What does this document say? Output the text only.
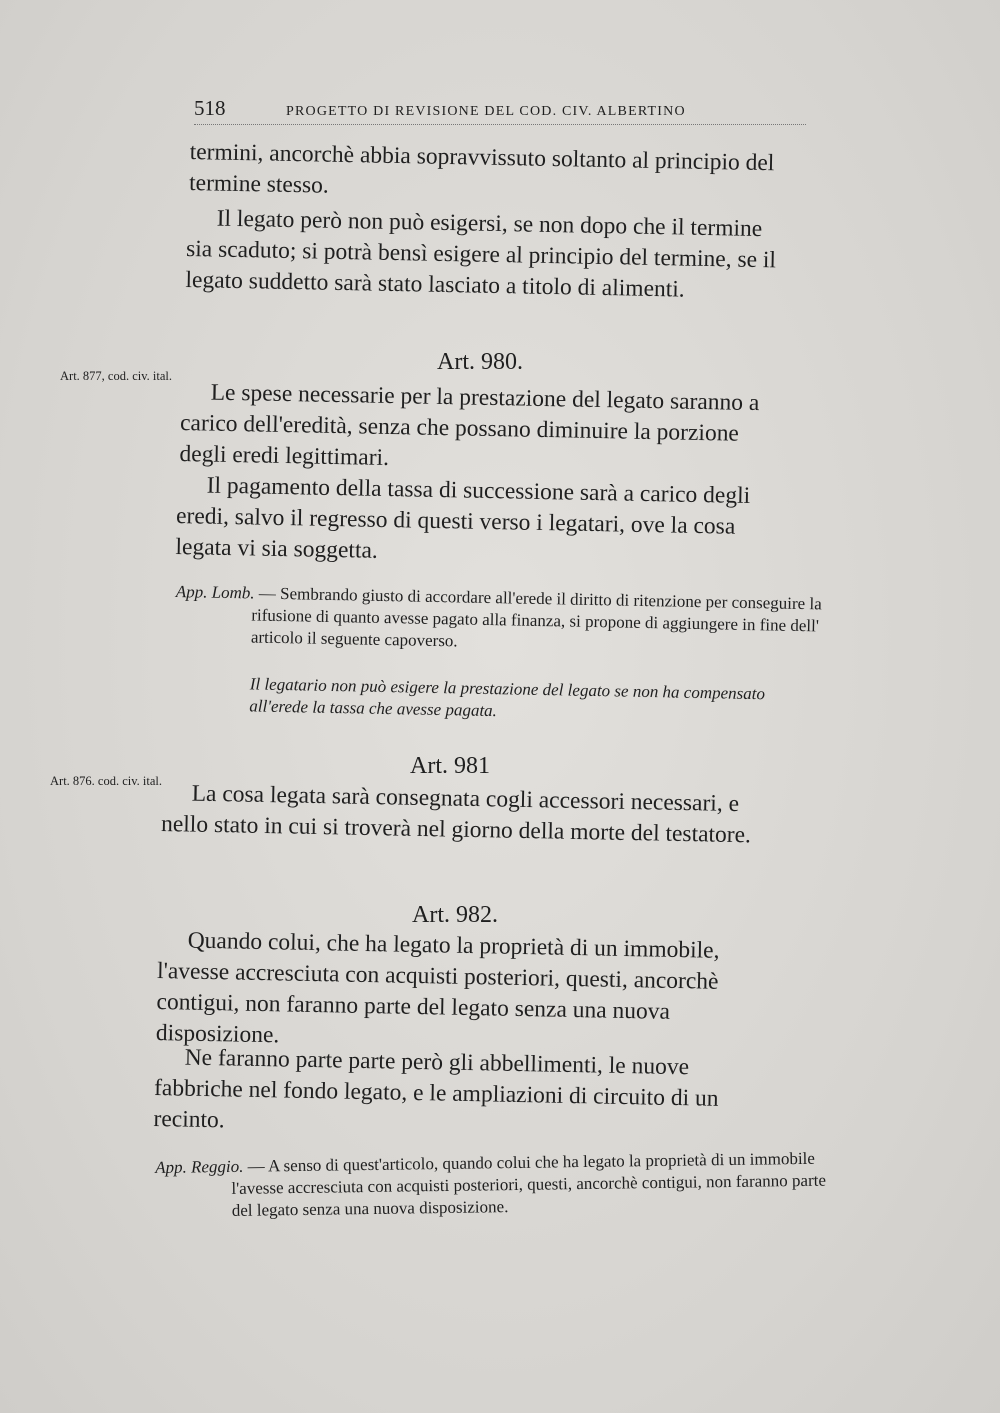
518	PROGETTO DI REVISIONE DEL COD. CIV. ALBERTINO

termini, ancorchè abbia sopravvissuto soltanto al principio del termine stesso.

Il legato però non può esigersi, se non dopo che il termine sia scaduto; si potrà bensì esigere al principio del termine, se il legato suddetto sarà stato lasciato a titolo di alimenti.

Art. 877, cod. civ. ital.
Art. 980.

Le spese necessarie per la prestazione del legato saranno a carico dell'eredità, senza che possano diminuire la porzione degli eredi legittimari.

Il pagamento della tassa di successione sarà a carico degli eredi, salvo il regresso di questi verso i legatari, ove la cosa legata vi sia soggetta.

App. Lomb. — Sembrando giusto di accordare all'erede il diritto di ritenzione per conseguire la rifusione di quanto avesse pagato alla finanza, si propone di aggiungere in fine dell' articolo il seguente capoverso.
Il legatario non può esigere la prestazione del legato se non ha compensato all'erede la tassa che avesse pagata.
Art. 876. cod. civ. ital.
Art. 981

La cosa legata sarà consegnata cogli accessori necessari, e nello stato in cui si troverà nel giorno della morte del testatore.

Art. 982.

Quando colui, che ha legato la proprietà di un immobile, l'avesse accresciuta con acquisti posteriori, questi, ancorchè contigui, non faranno parte del legato senza una nuova disposizione.

Ne faranno parte parte però gli abbellimenti, le nuove fabbriche nel fondo legato, e le ampliazioni di circuito di un recinto.

App. Reggio. — A senso di quest'articolo, quando colui che ha legato la proprietà di un immobile l'avesse accresciuta con acquisti posteriori, questi, ancorchè contigui, non faranno parte del legato senza una nuova disposizione.
